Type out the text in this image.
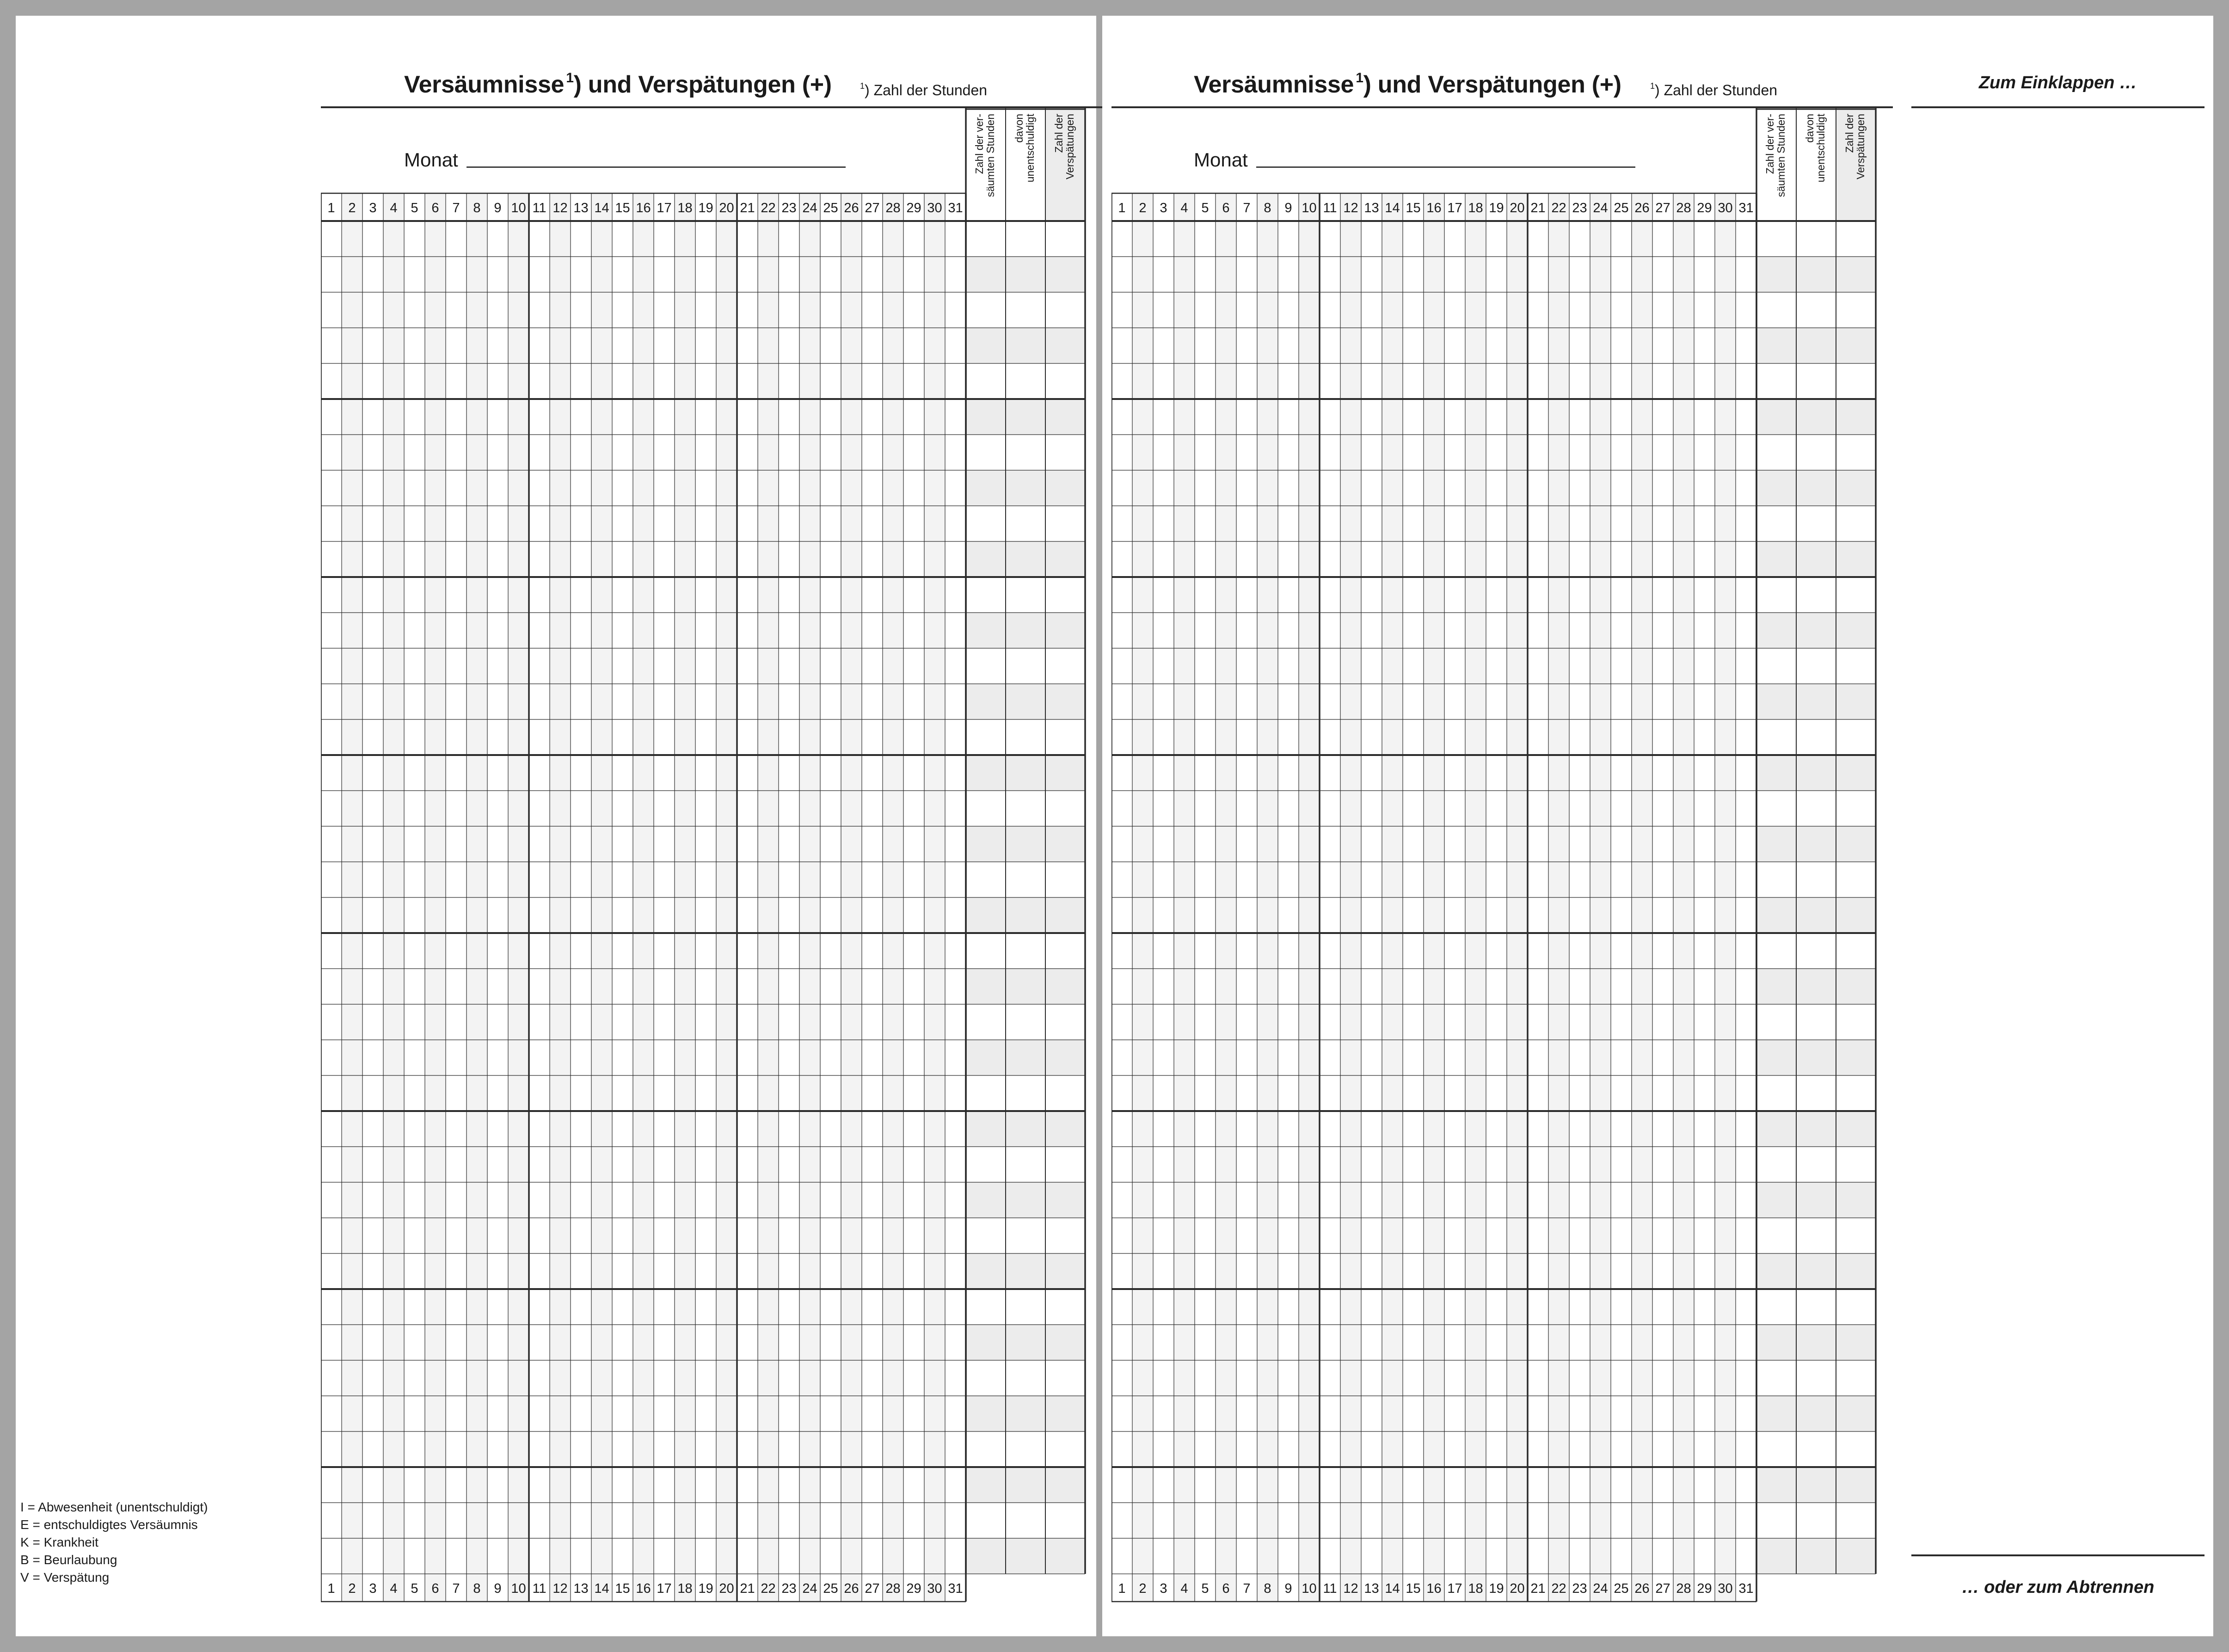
Versäumnisse $^1$) und Verspätungen (+)	$^1$) Zahl der Stunden
Monat
1 2 3 4 5 6 7 8 9 10 11 12 13 14 15 16 17 18 19 20 21 22 23 24 25 26 27 28 29 30 31
1 2 3 4 5 6 7 8 9 10 11 12 13 14 15 16 17 18 19 20 21 22 23 24 25 26 27 28 29 30 31
Zahl der ver-säumten Stunden davonunentschuldigt Zahl derVerspätungen
I = Abwesenheit (unentschuldigt)
E = entschuldigtes Versäumnis
K = Krankheit
B = Beurlaubung
V = Verspätung
Versäumnisse $^1$) und Verspätungen (+)	$^1$) Zahl der Stunden
Monat
1 2 3 4 5 6 7 8 9 10 11 12 13 14 15 16 17 18 19 20 21 22 23 24 25 26 27 28 29 30 31
1 2 3 4 5 6 7 8 9 10 11 12 13 14 15 16 17 18 19 20 21 22 23 24 25 26 27 28 29 30 31
Zahl der ver-säumten Stunden davonunentschuldigt Zahl derVerspätungen
Zum Einklappen …
… oder zum Abtrennen
